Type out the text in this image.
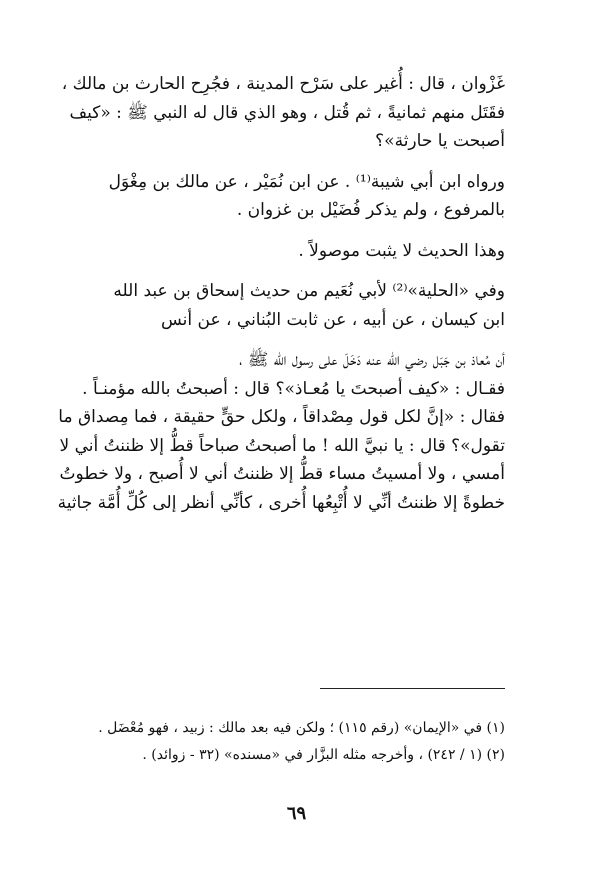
غَزْوان ، قال : أُغير على سَرْح المدينة ، فجُرِح الحارث بن مالك ،
فقَتَل منهم ثمانيةً ، ثم قُتل ، وهو الذي قال له النبي ﷺ : «كيف
أصبحت يا حارثة»؟

ورواه ابن أبي شيبة⁽¹⁾ . عن ابن نُمَيْر ، عن مالك بن مِغْوَل
بالمرفوع ، ولم يذكر فُضَيْل بن غزوان .

وهذا الحديث لا يثبت موصولاً .

وفي «الحلية»⁽²⁾ لأبي نُعَيم من حديث إسحاق بن عبد الله
ابن كيسان ، عن أبيه ، عن ثابت البُناني ، عن أنس

أن مُعاذ بن جَبَل رضي الله عنه دَخَلَ على رسول الله ﷺ ،
فقـال : «كيف أصبحتَ يا مُعـاذ»؟ قال : أصبحتُ بالله مؤمنـاً .
فقال : «إنَّ لكل قول مِصْداقاً ، ولكل حقٍّ حقيقة ، فما مِصداق ما
تقول»؟ قال : يا نبيَّ الله ! ما أصبحتُ صباحاً قطُّ إلا ظننتُ أني لا
أمسي ، ولا أمسيتُ مساء قطُّ إلا ظننتُ أني لا أُصبح ، ولا خطوتُ
خطوةً إلا ظننتُ أنِّي لا أُتْبِعُها أُخرى ، كأنِّي أنظر إلى كُلِّ أُمَّة جاثية

(١) في «الإيمان» (رقم ١١٥) ؛ ولكن فيه بعد مالك : زبيد ، فهو مُعْضَل .
(٢) (١ / ٢٤٢) ، وأخرجه مثله البزَّار في «مسنده» (٣٢ - زوائد) .
٦٩
